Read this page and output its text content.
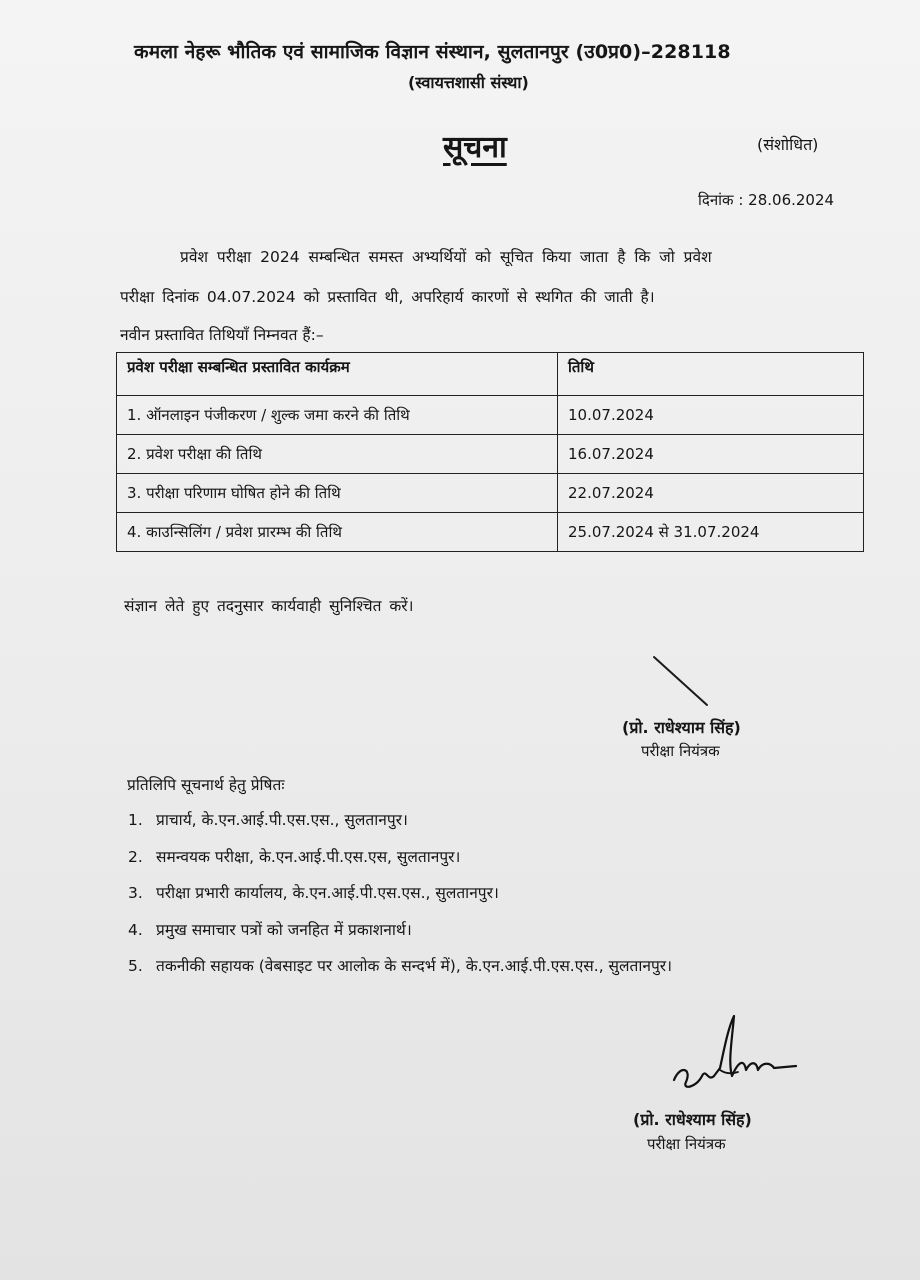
कमला नेहरू भौतिक एवं सामाजिक विज्ञान संस्थान, सुलतानपुर (उ0प्र0)–228118
(स्वायत्तशासी संस्था)
सूचना	(संशोधित)
दिनांक : 28.06.2024
प्रवेश परीक्षा 2024 सम्बन्धित समस्त अभ्यर्थियों को सूचित किया जाता है कि जो प्रवेश
परीक्षा दिनांक 04.07.2024 को प्रस्तावित थी, अपरिहार्य कारणों से स्थगित की जाती है।
नवीन प्रस्तावित तिथियाँ निम्नवत हैं:–
प्रवेश परीक्षा सम्बन्धित प्रस्तावित कार्यक्रम	तिथि
1. ऑनलाइन पंजीकरण / शुल्क जमा करने की तिथि	10.07.2024
2. प्रवेश परीक्षा की तिथि	16.07.2024
3. परीक्षा परिणाम घोषित होने की तिथि	22.07.2024
4. काउन्सिलिंग / प्रवेश प्रारम्भ की तिथि	25.07.2024 से 31.07.2024
संज्ञान लेते हुए तदनुसार कार्यवाही सुनिश्चित करें।
(प्रो. राधेश्याम सिंह)
परीक्षा नियंत्रक
प्रतिलिपि सूचनार्थ हेतु प्रेषितः
1. प्राचार्य, के.एन.आई.पी.एस.एस., सुलतानपुर।
2. समन्वयक परीक्षा, के.एन.आई.पी.एस.एस, सुलतानपुर।
3. परीक्षा प्रभारी कार्यालय, के.एन.आई.पी.एस.एस., सुलतानपुर।
4. प्रमुख समाचार पत्रों को जनहित में प्रकाशनार्थ।
5. तकनीकी सहायक (वेबसाइट पर आलोक के सन्दर्भ में), के.एन.आई.पी.एस.एस., सुलतानपुर।
(प्रो. राधेश्याम सिंह)
परीक्षा नियंत्रक
